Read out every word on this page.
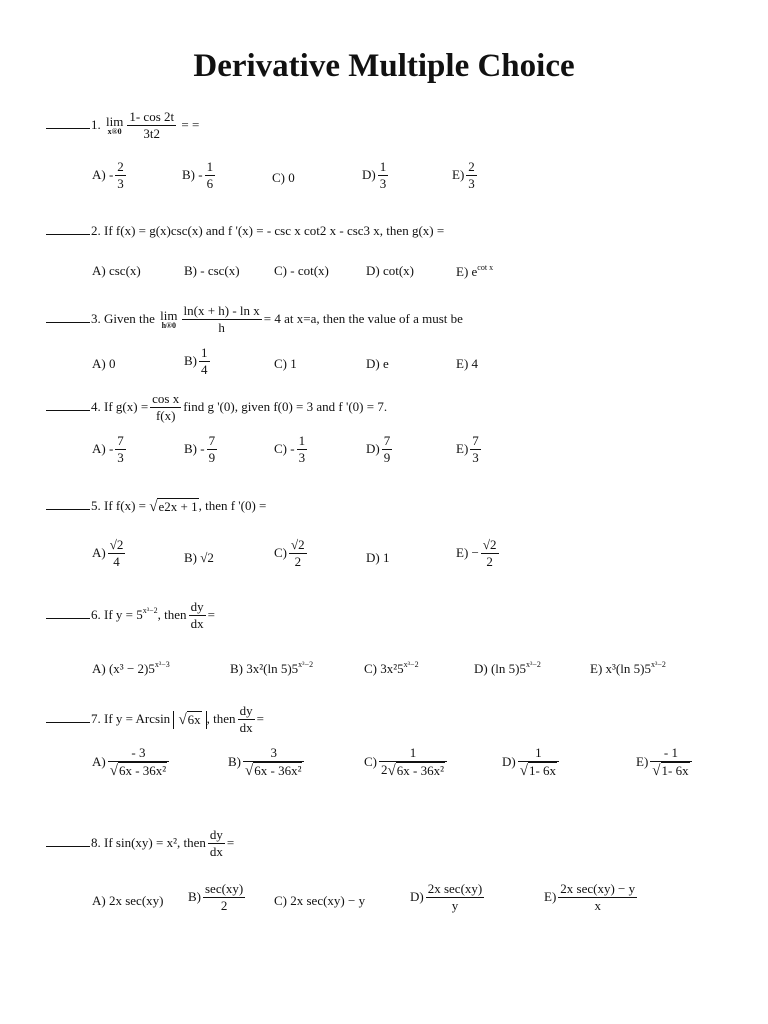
Derivative Multiple Choice
1. lim
x®0 $\frac{1- \cos 2t}{3t2}$ = =
$A) - \frac{2}{3}$	$B) - \frac{1}{6}$	C) 0	$D) \frac{1}{3}$	$E) \frac{2}{3}$
2. If f(x) = g(x)csc(x) and f '(x) = - csc x cot2 x - csc3 x, then g(x) =
A) csc(x)	B) - csc(x)	C) - cot(x)	D) cot(x)	E) $e^{cot x}$
3. Given the lim
h®0 $\frac{\text{ln(x + h) - ln x}}{h} = 4$ at x=a, then the value of a must be
A) 0	$B) \frac{1}{4}$	C) 1	D) e	E) 4
4. If $g(x) = \frac{\text{cos x}}{f(x)}$ find g '(0), given f(0) = 3 and f '(0) = 7.
$A) - \frac{7}{3}$	$B) - \frac{7}{9}$	$C) - \frac{1}{3}$	$D) \frac{7}{9}$	$E) \frac{7}{3}$
5. If f(x) = √e2x + 1, then f '(0) =
$A) \frac{√2}{4}$	B) √2	$C) \frac{√2}{2}$	D) 1	$E) - \frac{√2}{2}$
6. If $y = 5^{x^3-2}$, then $\frac{dy}{dx}$ =
A) $(x^3 - 2)5^{x^3-3}$	B) 3x²(ln $5)5^{x^3-2}$	C) $3x^25^{x^3-2}$	D) (ln $5)5^{x^3-2}$	E) x³(ln $5)5^{x^3-2}$
7. If y = Arcsin √6x , then $\frac{dy}{dx}$ =
$A) \frac{- 3}{\text{√6x - 36x²}}$	$B) \frac{3}{\text{√6x - 36x²}}$	$C) \frac{1}{\text{2√6x - 36x²}}$	$D) \frac{1}{√1- 6x}$	$E) \frac{- 1}{√1- 6x}$
8. If sin(xy) = x², then $\frac{dy}{dx}$ =
A) 2x sec(xy) $B) \frac{\sec(xy)}{2} C$) 2x sec(xy) − y	$D) \frac{\text{2x sec(xy)}}{y}$	$E) \frac{\text{2x sec(xy) − y}}{x}$
